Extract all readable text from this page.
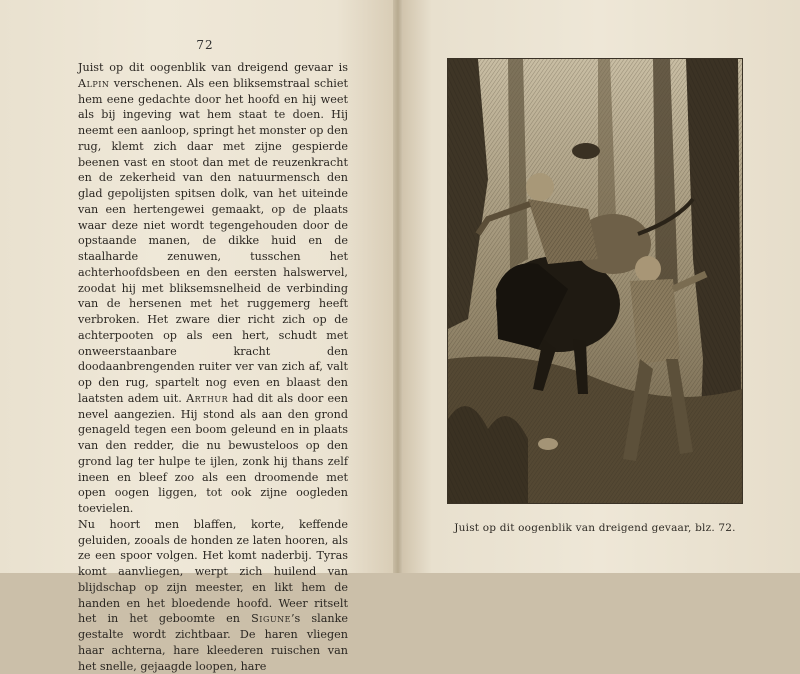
72

Juist op dit oogenblik van dreigend gevaar is Alpin verschenen. Als een bliksemstraal schiet hem eene gedachte door het hoofd en hij weet als bij ingeving wat hem staat te doen. Hij neemt een aanloop, springt het monster op den rug, klemt zich daar met zijne gespierde beenen vast en stoot dan met de reuzenkracht en de zekerheid van den natuurmensch den glad gepolijsten spitsen dolk, van het uiteinde van een hertengewei gemaakt, op de plaats waar deze niet wordt tegengehouden door de opstaande manen, de dikke huid en de staalharde zenuwen, tusschen het achterhoofdsbeen en den eersten halswervel, zoodat hij met bliksemsnelheid de verbinding van de hersenen met het ruggemerg heeft verbroken. Het zware dier richt zich op de achterpooten op als een hert, schudt met onweerstaanbare kracht den doodaanbrengenden ruiter ver van zich af, valt op den rug, spartelt nog even en blaast den laatsten adem uit. Arthur had dit als door een nevel aangezien. Hij stond als aan den grond genageld tegen een boom geleund en in plaats van den redder, die nu bewusteloos op den grond lag ter hulpe te ijlen, zonk hij thans zelf ineen en bleef zoo als een droomende met open oogen liggen, tot ook zijne oogleden toevielen.

Nu hoort men blaffen, korte, keffende geluiden, zooals de honden ze laten hooren, als ze een spoor volgen. Het komt naderbij. Tyras komt aanvliegen, werpt zich huilend van blijdschap op zijn meester, en likt hem de handen en het bloedende hoofd. Weer ritselt het in het geboomte en Sigune’s slanke gestalte wordt zichtbaar. De haren vliegen haar achterna, hare kleederen ruischen van het snelle, gejaagde loopen, hare

Juist op dit oogenblik van dreigend gevaar, blz. 72.
